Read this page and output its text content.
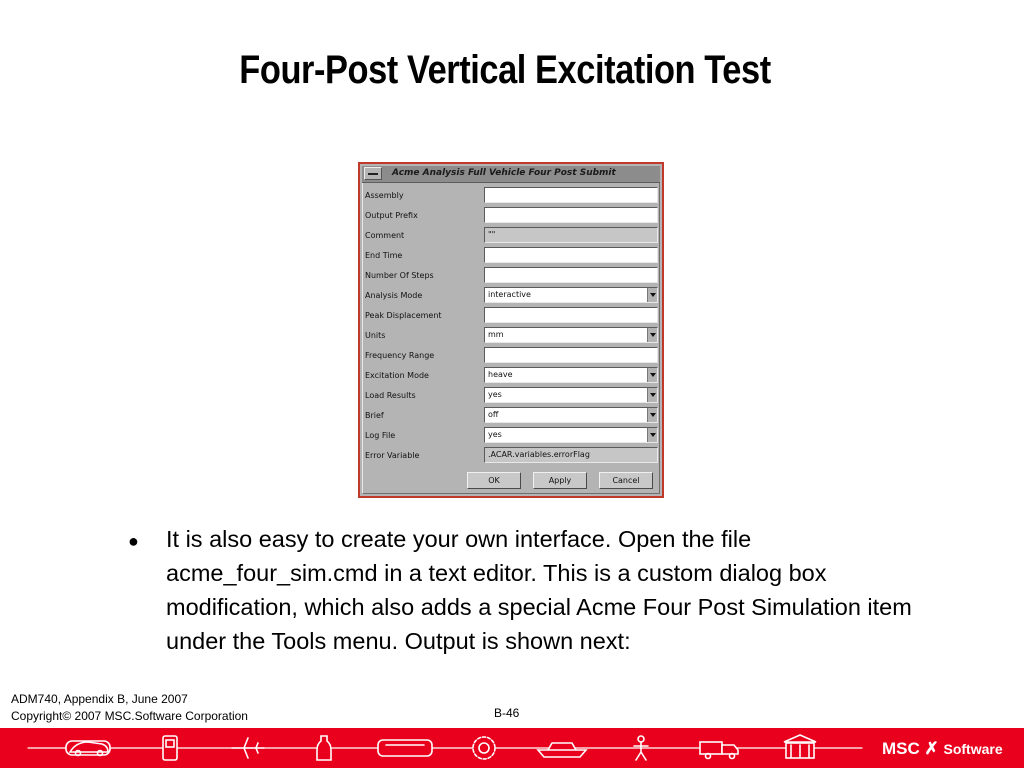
Four-Post Vertical Excitation Test
Acme Analysis Full Vehicle Four Post Submit
Assembly
Output Prefix
Comment	""
End Time
Number Of Steps
Analysis Mode	interactive
Peak Displacement
Units	mm
Frequency Range
Excitation Mode	heave
Load Results	yes
Brief	off
Log File	yes
Error Variable	.ACAR.variables.errorFlag
OK	Apply	Cancel
● It is also easy to create your own interface. Open the file acme_four_sim.cmd in a text editor. This is a custom dialog box modification, which also adds a special Acme Four Post Simulation item under the Tools menu. Output is shown next:
ADM740, Appendix B, June 2007
Copyright© 2007 MSC.Software Corporation	B-46
MSC ✗ Software
